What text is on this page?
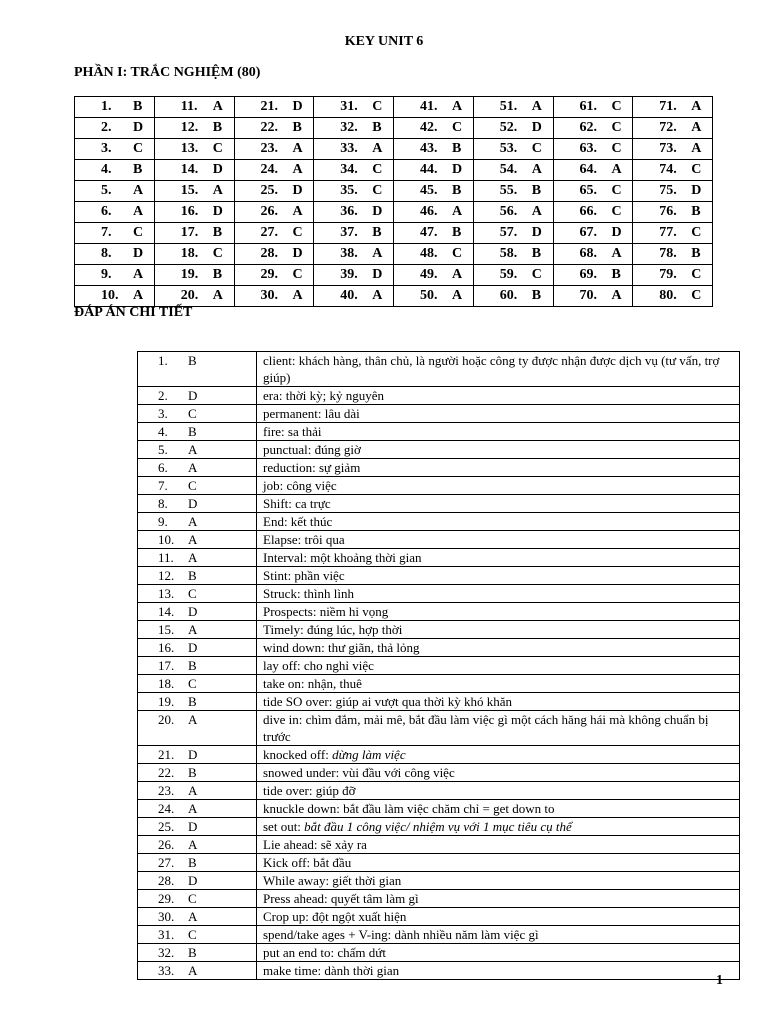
KEY UNIT 6
PHẦN I: TRẮC NGHIỆM (80)
1. B	11. A	21. D	31. C	41. A	51. A	61. C	71. A
2. D	12. B	22. B	32. B	42. C	52. D	62. C	72. A
3. C	13. C	23. A	33. A	43. B	53. C	63. C	73. A
4. B	14. D	24. A	34. C	44. D	54. A	64. A	74. C
5. A	15. A	25. D	35. C	45. B	55. B	65. C	75. D
6. A	16. D	26. A	36. D	46. A	56. A	66. C	76. B
7. C	17. B	27. C	37. B	47. B	57. D	67. D	77. C
8. D	18. C	28. D	38. A	48. C	58. B	68. A	78. B
9. A	19. B	29. C	39. D	49. A	59. C	69. B	79. C
10. A	20. A	30. A	40. A	50. A	60. B	70. A	80. C
ĐÁP ÁN CHI TIẾT
1. B	client: khách hàng, thân chủ, là người hoặc công ty được nhận được dịch vụ (tư vấn, trợ giúp)
2. D	era: thời kỳ; kỷ nguyên
3. C	permanent: lâu dài
4. B	fire: sa thải
5. A	punctual: đúng giờ
6. A	reduction: sự giảm
7. C	job: công việc
8. D	Shift: ca trực
9. A	End: kết thúc
10. A	Elapse: trôi qua
11. A	Interval: một khoảng thời gian
12. B	Stint: phần việc
13. C	Struck: thình lình
14. D	Prospects: niềm hi vọng
15. A	Timely: đúng lúc, hợp thời
16. D	wind down: thư giãn, thả lỏng
17. B	lay off: cho nghỉ việc
18. C	take on: nhận, thuê
19. B	tide SO over: giúp ai vượt qua thời kỳ khó khăn
20. A	dive in: chìm đắm, mải mê, bắt đầu làm việc gì một cách hăng hái mà không chuẩn bị trước
21. D	knocked off: dừng làm việc
22. B	snowed under: vùi đầu với công việc
23. A	tide over: giúp đỡ
24. A	knuckle down: bắt đầu làm việc chăm chỉ = get down to
25. D	set out: bắt đầu 1 công việc/ nhiệm vụ với 1 mục tiêu cụ thể
26. A	Lie ahead: sẽ xảy ra
27. B	Kick off: bắt đầu
28. D	While away: giết thời gian
29. C	Press ahead: quyết tâm làm gì
30. A	Crop up: đột ngột xuất hiện
31. C	spend/take ages + V-ing: dành nhiều năm làm việc gì
32. B	put an end to: chấm dứt
33. A	make time: dành thời gian
1
